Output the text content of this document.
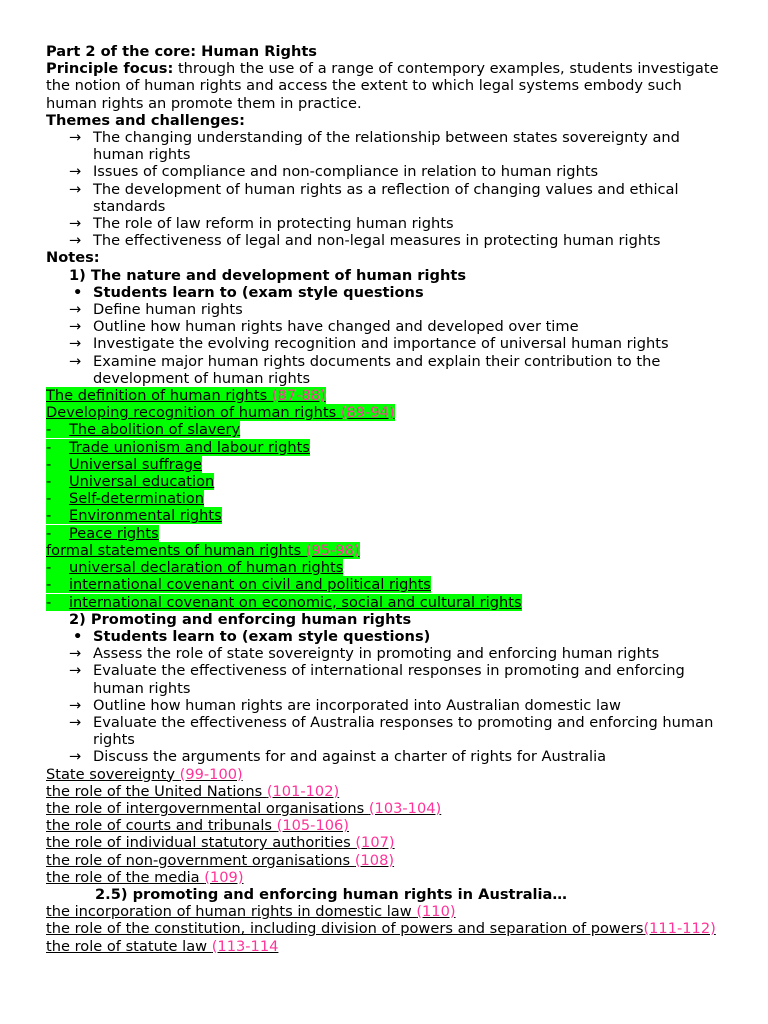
Part 2 of the core: Human Rights
Principle focus: through the use of a range of contempory examples, students investigate the notion of human rights and access the extent to which legal systems embody such human rights an promote them in practice.
Themes and challenges:
→ The changing understanding of the relationship between states sovereignty and human rights
→ Issues of compliance and non-compliance in relation to human rights
→ The development of human rights as a reflection of changing values and ethical standards
→ The role of law reform in protecting human rights
→ The effectiveness of legal and non-legal measures in protecting human rights
Notes:
1) The nature and development of human rights
• Students learn to (exam style questions
→ Define human rights
→ Outline how human rights have changed and developed over time
→ Investigate the evolving recognition and importance of universal human rights
→ Examine major human rights documents and explain their contribution to the development of human rights
The definition of human rights (87-88)
Developing recognition of human rights (89-94)
- The abolition of slavery
- Trade unionism and labour rights
- Universal suffrage
- Universal education
- Self-determination
- Environmental rights
- Peace rights
formal statements of human rights (95-98)
- universal declaration of human rights
- international covenant on civil and political rights
- international covenant on economic, social and cultural rights
2) Promoting and enforcing human rights
• Students learn to (exam style questions)
→ Assess the role of state sovereignty in promoting and enforcing human rights
→ Evaluate the effectiveness of international responses in promoting and enforcing human rights
→ Outline how human rights are incorporated into Australian domestic law
→ Evaluate the effectiveness of Australia responses to promoting and enforcing human rights
→ Discuss the arguments for and against a charter of rights for Australia
State sovereignty (99-100)
the role of the United Nations (101-102)
the role of intergovernmental organisations (103-104)
the role of courts and tribunals (105-106)
the role of individual statutory authorities (107)
the role of non-government organisations (108)
the role of the media (109)
2.5) promoting and enforcing human rights in Australia…
the incorporation of human rights in domestic law (110)
the role of the constitution, including division of powers and separation of powers(111-112)
the role of statute law (113-114
